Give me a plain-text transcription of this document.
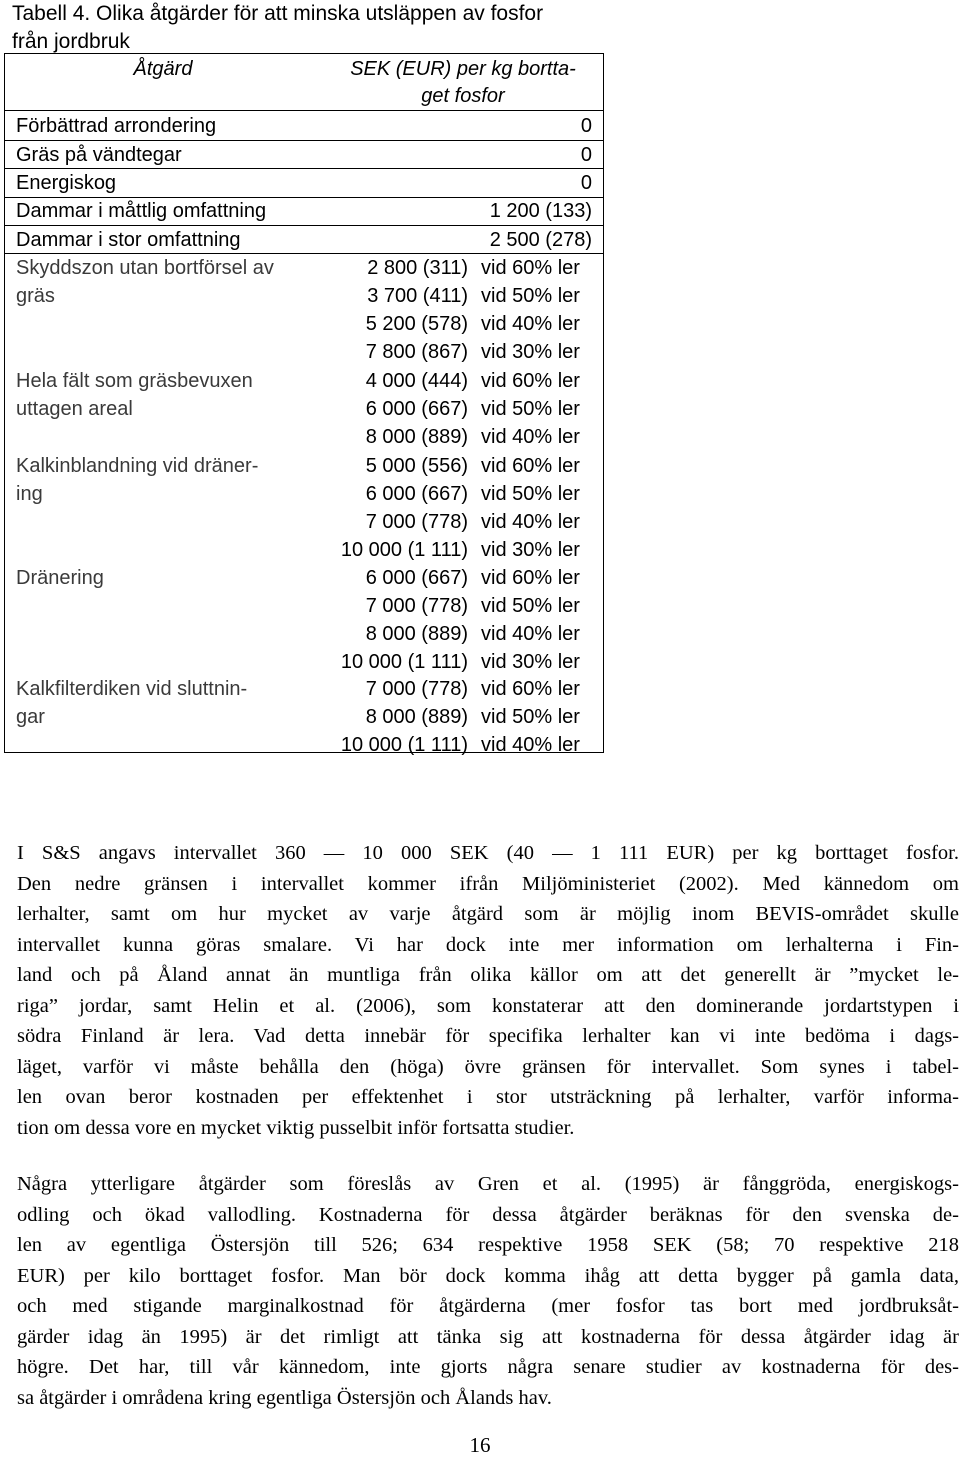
Tabell 4. Olika åtgärder för att minska utsläppen av fosfor
från jordbruk
Åtgärd	SEK (EUR) per kg bortta-
get fosfor
Förbättrad arrondering	0
Gräs på vändtegar	0
Energiskog	0
Dammar i måttlig omfattning	1 200 (133)
Dammar i stor omfattning	2 500 (278)
Skyddszon utan bortförsel av
gräs
2 800 (311) vid 60% ler
3 700 (411) vid 50% ler
5 200 (578) vid 40% ler
7 800 (867) vid 30% ler
Hela fält som gräsbevuxen
uttagen areal
4 000 (444) vid 60% ler
6 000 (667) vid 50% ler
8 000 (889) vid 40% ler
Kalkinblandning vid dräner-
ing
5 000 (556) vid 60% ler
6 000 (667) vid 50% ler
7 000 (778) vid 40% ler
10 000 (1 111) vid 30% ler
Dränering	6 000 (667) vid 60% ler
7 000 (778) vid 50% ler
8 000 (889) vid 40% ler
10 000 (1 111) vid 30% ler
Kalkfilterdiken vid sluttnin-
gar
7 000 (778) vid 60% ler
8 000 (889) vid 50% ler
10 000 (1 111) vid 40% ler
I S&S angavs intervallet 360 — 10 000 SEK (40 — 1 111 EUR) per kg borttaget fosfor.
Den nedre gränsen i intervallet kommer ifrån Miljöministeriet (2002). Med kännedom om
lerhalter, samt om hur mycket av varje åtgärd som är möjlig inom BEVIS-området skulle
intervallet kunna göras smalare. Vi har dock inte mer information om lerhalterna i Fin-
land och på Åland annat än muntliga från olika källor om att det generellt är ”mycket le-
riga” jordar, samt Helin et al. (2006), som konstaterar att den dominerande jordartstypen i
södra Finland är lera. Vad detta innebär för specifika lerhalter kan vi inte bedöma i dags-
läget, varför vi måste behålla den (höga) övre gränsen för intervallet. Som synes i tabel-
len ovan beror kostnaden per effektenhet i stor utsträckning på lerhalter, varför informa-
tion om dessa vore en mycket viktig pusselbit inför fortsatta studier.
Några ytterligare åtgärder som föreslås av Gren et al. (1995) är fånggröda, energiskogs-
odling och ökad vallodling. Kostnaderna för dessa åtgärder beräknas för den svenska de-
len av egentliga Östersjön till 526; 634 respektive 1958 SEK (58; 70 respektive 218
EUR) per kilo borttaget fosfor. Man bör dock komma ihåg att detta bygger på gamla data,
och med stigande marginalkostnad för åtgärderna (mer fosfor tas bort med jordbruksåt-
gärder idag än 1995) är det rimligt att tänka sig att kostnaderna för dessa åtgärder idag är
högre. Det har, till vår kännedom, inte gjorts några senare studier av kostnaderna för des-
sa åtgärder i områdena kring egentliga Östersjön och Ålands hav.
16
